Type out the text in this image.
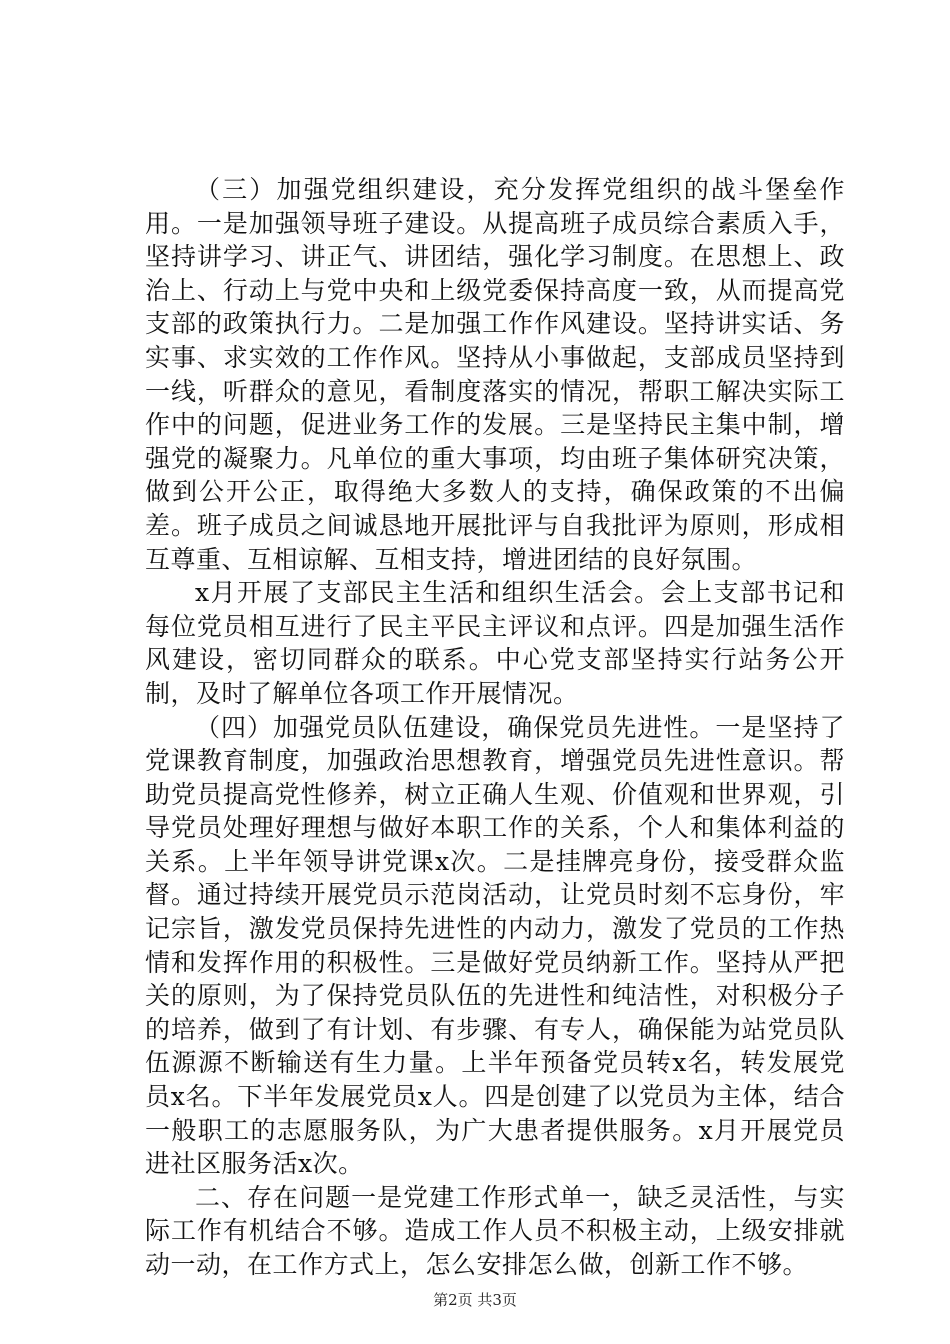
（三）加强党组织建设，充分发挥党组织的战斗堡垒作用。一是加强领导班子建设。从提高班子成员综合素质入手，坚持讲学习、讲正气、讲团结，强化学习制度。在思想上、政治上、行动上与党中央和上级党委保持高度一致，从而提高党支部的政策执行力。二是加强工作作风建设。坚持讲实话、务实事、求实效的工作作风。坚持从小事做起，支部成员坚持到一线，听群众的意见，看制度落实的情况，帮职工解决实际工作中的问题，促进业务工作的发展。三是坚持民主集中制，增强党的凝聚力。凡单位的重大事项，均由班子集体研究决策，做到公开公正，取得绝大多数人的支持，确保政策的不出偏差。班子成员之间诚恳地开展批评与自我批评为原则，形成相互尊重、互相谅解、互相支持，增进团结的良好氛围。

x月开展了支部民主生活和组织生活会。会上支部书记和每位党员相互进行了民主平民主评议和点评。四是加强生活作风建设，密切同群众的联系。中心党支部坚持实行站务公开制，及时了解单位各项工作开展情况。

（四）加强党员队伍建设，确保党员先进性。一是坚持了党课教育制度，加强政治思想教育，增强党员先进性意识。帮助党员提高党性修养，树立正确人生观、价值观和世界观，引导党员处理好理想与做好本职工作的关系，个人和集体利益的关系。上半年领导讲党课x次。二是挂牌亮身份，接受群众监督。通过持续开展党员示范岗活动，让党员时刻不忘身份，牢记宗旨，激发党员保持先进性的内动力，激发了党员的工作热情和发挥作用的积极性。三是做好党员纳新工作。坚持从严把关的原则，为了保持党员队伍的先进性和纯洁性，对积极分子的培养，做到了有计划、有步骤、有专人，确保能为站党员队伍源源不断输送有生力量。上半年预备党员转x名，转发展党员x名。下半年发展党员x人。四是创建了以党员为主体，结合一般职工的志愿服务队，为广大患者提供服务。x月开展党员进社区服务活x次。

二、存在问题一是党建工作形式单一，缺乏灵活性，与实际工作有机结合不够。造成工作人员不积极主动，上级安排就动一动，在工作方式上，怎么安排怎么做，创新工作不够。

第2页 共3页
